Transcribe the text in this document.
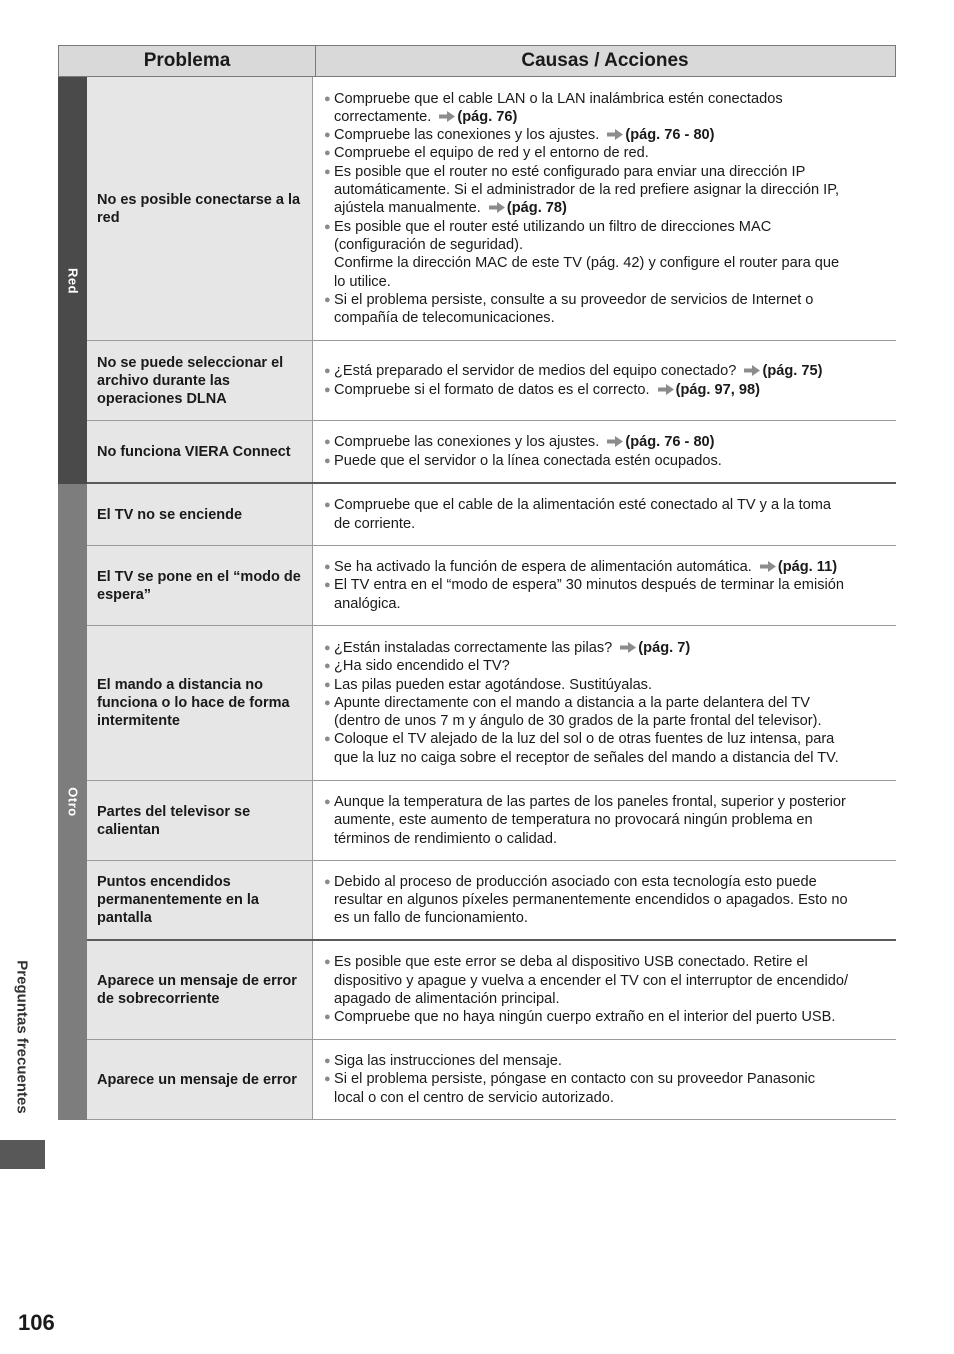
Problema	Causas / Acciones
Red
Otro
No es posible conectarse a la red
● Compruebe que el cable LAN o la LAN inalámbrica estén conectados
correctamente. (pág. 76)
● Compruebe las conexiones y los ajustes. (pág. 76 - 80)
● Compruebe el equipo de red y el entorno de red.
● Es posible que el router no esté configurado para enviar una dirección IP
automáticamente. Si el administrador de la red prefiere asignar la dirección IP,
ajústela manualmente. (pág. 78)
● Es posible que el router esté utilizando un filtro de direcciones MAC
(configuración de seguridad).
Confirme la dirección MAC de este TV (pág. 42) y configure el router para que
lo utilice.
● Si el problema persiste, consulte a su proveedor de servicios de Internet o
compañía de telecomunicaciones.
No se puede seleccionar el archivo durante las operaciones DLNA
● ¿Está preparado el servidor de medios del equipo conectado? (pág. 75)
● Compruebe si el formato de datos es el correcto. (pág. 97, 98)
No funciona VIERA Connect
● Compruebe las conexiones y los ajustes. (pág. 76 - 80)
● Puede que el servidor o la línea conectada estén ocupados.
El TV no se enciende
● Compruebe que el cable de la alimentación esté conectado al TV y a la toma
de corriente.
El TV se pone en el “modo de espera”
● Se ha activado la función de espera de alimentación automática. (pág. 11)
● El TV entra en el “modo de espera” 30 minutos después de terminar la emisión
analógica.
El mando a distancia no funciona o lo hace de forma intermitente
● ¿Están instaladas correctamente las pilas? (pág. 7)
● ¿Ha sido encendido el TV?
● Las pilas pueden estar agotándose. Sustitúyalas.
● Apunte directamente con el mando a distancia a la parte delantera del TV
(dentro de unos 7 m y ángulo de 30 grados de la parte frontal del televisor).
● Coloque el TV alejado de la luz del sol o de otras fuentes de luz intensa, para
que la luz no caiga sobre el receptor de señales del mando a distancia del TV.
Partes del televisor se calientan
● Aunque la temperatura de las partes de los paneles frontal, superior y posterior
aumente, este aumento de temperatura no provocará ningún problema en
términos de rendimiento o calidad.
Puntos encendidos permanentemente en la pantalla
● Debido al proceso de producción asociado con esta tecnología esto puede
resultar en algunos píxeles permanentemente encendidos o apagados. Esto no
es un fallo de funcionamiento.
Aparece un mensaje de error de sobrecorriente
● Es posible que este error se deba al dispositivo USB conectado. Retire el
dispositivo y apague y vuelva a encender el TV con el interruptor de encendido/
apagado de alimentación principal.
● Compruebe que no haya ningún cuerpo extraño en el interior del puerto USB.
Aparece un mensaje de error
● Siga las instrucciones del mensaje.
● Si el problema persiste, póngase en contacto con su proveedor Panasonic
local o con el centro de servicio autorizado.
Preguntas frecuentes
106
